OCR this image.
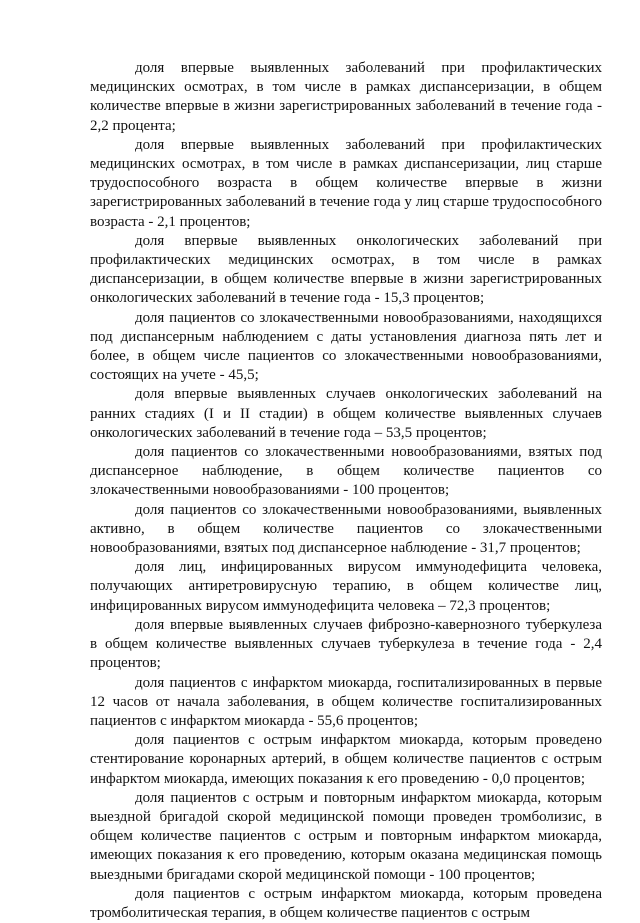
доля впервые выявленных заболеваний при профилактических медицинских осмотрах, в том числе в рамках диспансеризации, в общем количестве впервые в жизни зарегистрированных заболеваний в течение года - 2,2 процента;

доля впервые выявленных заболеваний при профилактических медицинских осмотрах, в том числе в рамках диспансеризации, лиц старше трудоспособного возраста в общем количестве впервые в жизни зарегистрированных заболеваний в течение года у лиц старше трудоспособного возраста - 2,1 процентов;

доля впервые выявленных онкологических заболеваний при профилактических медицинских осмотрах, в том числе в рамках диспансеризации, в общем количестве впервые в жизни зарегистрированных онкологических заболеваний в течение года - 15,3 процентов;

доля пациентов со злокачественными новообразованиями, находящихся под диспансерным наблюдением с даты установления диагноза пять лет и более, в общем числе пациентов со злокачественными новообразованиями, состоящих на учете - 45,5;

доля впервые выявленных случаев онкологических заболеваний на ранних стадиях (I и II стадии) в общем количестве выявленных случаев онкологических заболеваний в течение года – 53,5 процентов;

доля пациентов со злокачественными новообразованиями, взятых под диспансерное наблюдение, в общем количестве пациентов со злокачественными новообразованиями - 100 процентов;

доля пациентов со злокачественными новообразованиями, выявленных активно, в общем количестве пациентов со злокачественными новообразованиями, взятых под диспансерное наблюдение - 31,7 процентов;

доля лиц, инфицированных вирусом иммунодефицита человека, получающих антиретровирусную терапию, в общем количестве лиц, инфицированных вирусом иммунодефицита человека – 72,3 процентов;

доля впервые выявленных случаев фиброзно-кавернозного туберкулеза в общем количестве выявленных случаев туберкулеза в течение года - 2,4 процентов;

доля пациентов с инфарктом миокарда, госпитализированных в первые 12 часов от начала заболевания, в общем количестве госпитализированных пациентов с инфарктом миокарда - 55,6 процентов;

доля пациентов с острым инфарктом миокарда, которым проведено стентирование коронарных артерий, в общем количестве пациентов с острым инфарктом миокарда, имеющих показания к его проведению - 0,0 процентов;

доля пациентов с острым и повторным инфарктом миокарда, которым выездной бригадой скорой медицинской помощи проведен тромболизис, в общем количестве пациентов с острым и повторным инфарктом миокарда, имеющих показания к его проведению, которым оказана медицинская помощь выездными бригадами скорой медицинской помощи - 100 процентов;

доля пациентов с острым инфарктом миокарда, которым проведена тромболитическая терапия, в общем количестве пациентов с острым
